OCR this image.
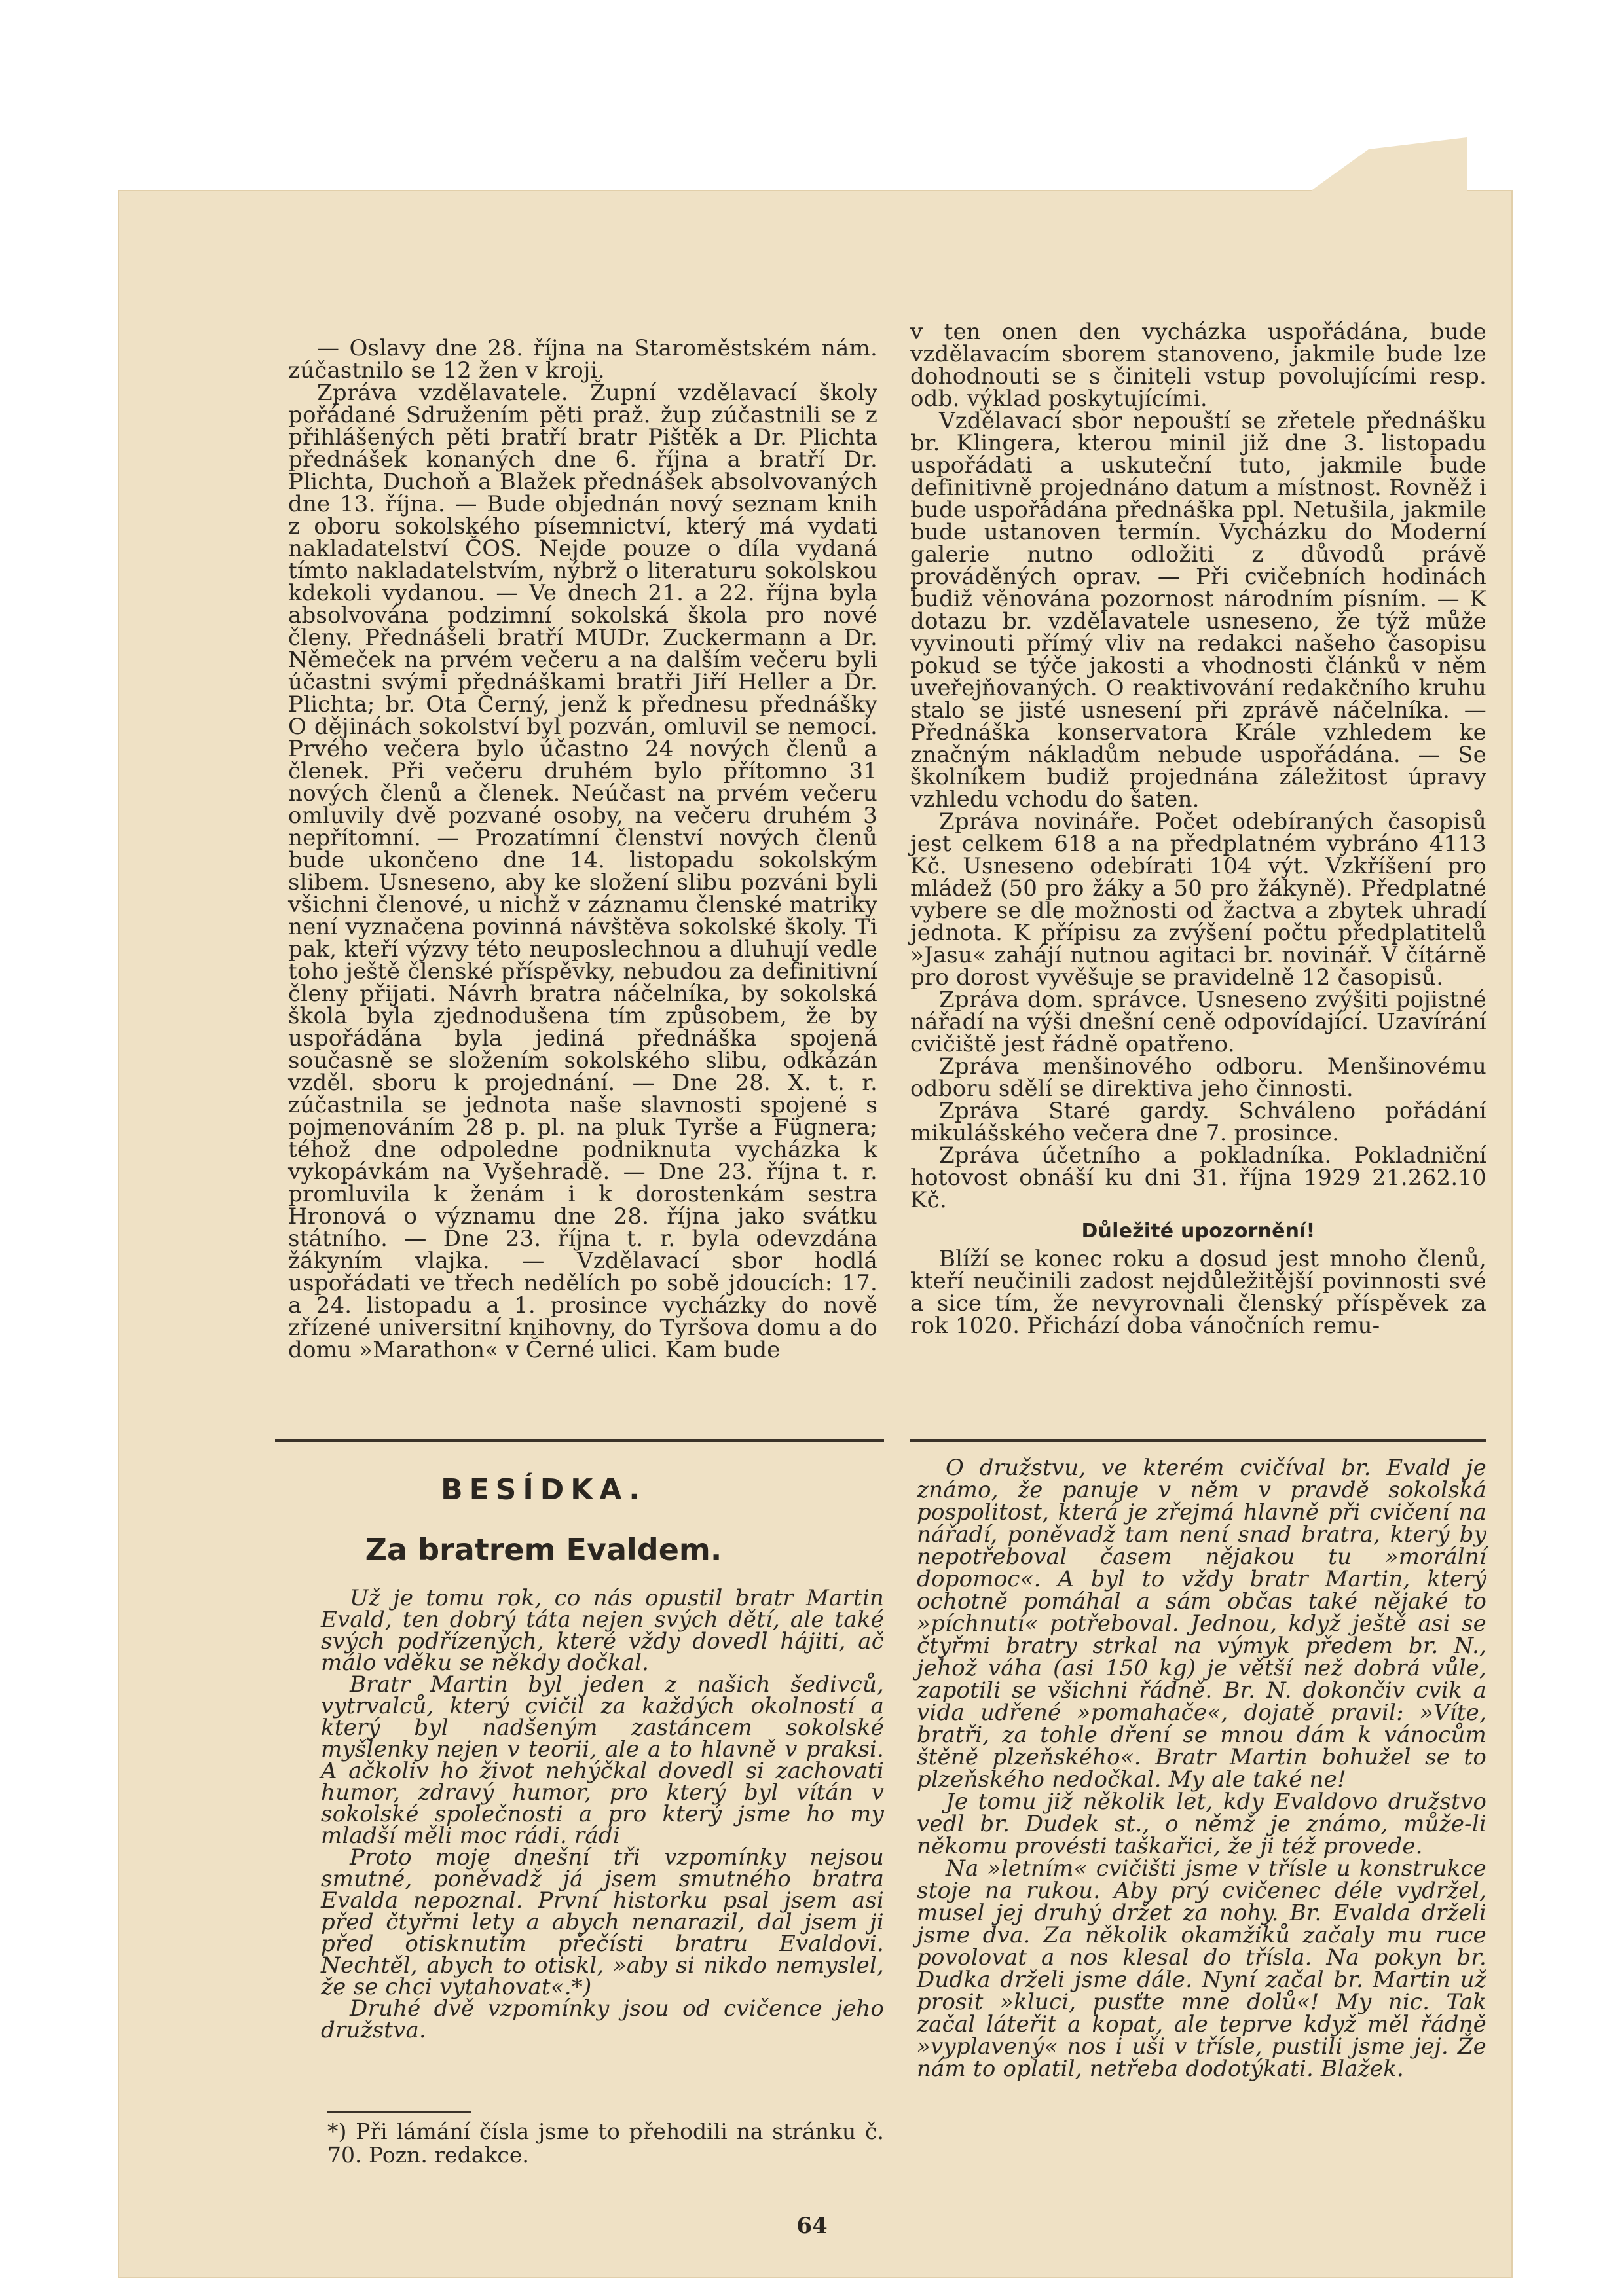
— Oslavy dne 28. října na Staroměstském nám. zúčastnilo se 12 žen v kroji.

Zpráva vzdělavatele. Župní vzdělavací školy pořádané Sdružením pěti praž. žup zúčastnili se z přihlášených pěti bratří bratr Pištěk a Dr. Plichta přednášek konaných dne 6. října a bratří Dr. Plichta, Duchoň a Blažek přednášek absolvovaných dne 13. října. — Bude objednán nový seznam knih z oboru sokolského písemnictví, který má vydati nakladatelství ČOS. Nejde pouze o díla vydaná tímto nakladatelstvím, nýbrž o literaturu sokolskou kdekoli vydanou. — Ve dnech 21. a 22. října byla absolvována podzimní sokolská škola pro nové členy. Přednášeli bratří MUDr. Zuckermann a Dr. Němeček na prvém večeru a na dalším večeru byli účastni svými přednáškami bratři Jiří Heller a Dr. Plichta; br. Ota Černý, jenž k přednesu přednášky O dějinách sokolství byl pozván, omluvil se nemocí. Prvého večera bylo účastno 24 nových členů a členek. Při večeru druhém bylo přítomno 31 nových členů a členek. Neúčast na prvém večeru omluvily dvě pozvané osoby, na večeru druhém 3 nepřítomní. — Prozatímní členství nových členů bude ukončeno dne 14. listopadu sokolským slibem. Usneseno, aby ke složení slibu pozváni byli všichni členové, u nichž v záznamu členské matriky není vyznačena povinná návštěva sokolské školy. Ti pak, kteří výzvy této neuposlechnou a dluhují vedle toho ještě členské příspěvky, nebudou za definitivní členy přijati. Návrh bratra náčelníka, by sokolská škola byla zjednodušena tím způsobem, že by uspořádána byla jediná přednáška spojená současně se složením sokolského slibu, odkázán vzděl. sboru k projednání. — Dne 28. X. t. r. zúčastnila se jednota naše slavnosti spojené s pojmenováním 28 p. pl. na pluk Tyrše a Fügnera; téhož dne odpoledne podniknuta vycházka k vykopávkám na Vyšehradě. — Dne 23. října t. r. promluvila k ženám i k dorostenkám sestra Hronová o významu dne 28. října jako svátku státního. — Dne 23. října t. r. byla odevzdána žákyním vlajka. — Vzdělavací sbor hodlá uspořádati ve třech nedělích po sobě jdoucích: 17. a 24. listopadu a 1. prosince vycházky do nově zřízené universitní knihovny, do Tyršova domu a do domu »Marathon« v Černé ulici. Kam bude

v ten onen den vycházka uspořádána, bude vzdělavacím sborem stanoveno, jakmile bude lze dohodnouti se s činiteli vstup povolujícími resp. odb. výklad poskytujícími.

Vzdělavací sbor nepouští se zřetele přednášku br. Klingera, kterou minil již dne 3. listopadu uspořádati a uskuteční tuto, jakmile bude definitivně projednáno datum a místnost. Rovněž i bude uspořádána přednáška ppl. Netušila, jakmile bude ustanoven termín. Vycházku do Moderní galerie nutno odložiti z důvodů právě prováděných oprav. — Při cvičebních hodinách budiž věnována pozornost národním písním. — K dotazu br. vzdělavatele usneseno, že týž může vyvinouti přímý vliv na redakci našeho časopisu pokud se týče jakosti a vhodnosti článků v něm uveřejňovaných. O reaktivování redakčního kruhu stalo se jisté usnesení při zprávě náčelníka. — Přednáška konservatora Krále vzhledem ke značným nákladům nebude uspořádána. — Se školníkem budiž projednána záležitost úpravy vzhledu vchodu do šaten.

Zpráva novináře. Počet odebíraných časopisů jest celkem 618 a na předplatném vybráno 4113 Kč. Usneseno odebírati 104 výt. Vzkříšení pro mládež (50 pro žáky a 50 pro žákyně). Předplatné vybere se dle možnosti od žactva a zbytek uhradí jednota. K přípisu za zvýšení počtu předplatitelů »Jasu« zahájí nutnou agitaci br. novinář. V čítárně pro dorost vyvěšuje se pravidelně 12 časopisů.

Zpráva dom. správce. Usneseno zvýšiti pojistné nářadí na výši dnešní ceně odpovídající. Uzavírání cvičiště jest řádně opatřeno.

Zpráva menšinového odboru. Menšinovému odboru sdělí se direktiva jeho činnosti.

Zpráva Staré gardy. Schváleno pořádání mikulášského večera dne 7. prosince.

Zpráva účetního a pokladníka. Pokladniční hotovost obnáší ku dni 31. října 1929 21.262.10 Kč.

Důležité upozornění!

Blíží se konec roku a dosud jest mnoho členů, kteří neučinili zadost nejdůležitější povinnosti své a sice tím, že nevyrovnali členský příspěvek za rok 1020. Přichází doba vánočních remu-

BESÍDKA.
Za bratrem Evaldem.

Už je tomu rok, co nás opustil bratr Martin Evald, ten dobrý táta nejen svých dětí, ale také svých podřízených, které vždy dovedl hájiti, ač málo vděku se někdy dočkal.

Bratr Martin byl jeden z našich šedivců, vytrvalců, který cvičil za každých okolností a který byl nadšeným zastáncem sokolské myšlenky nejen v teorii, ale a to hlavně v praksi. A ačkoliv ho život nehýčkal dovedl si zachovati humor, zdravý humor, pro který byl vítán v sokolské společnosti a pro který jsme ho my mladší měli moc rádi. rádi

Proto moje dnešní tři vzpomínky nejsou smutné, poněvadž já jsem smutného bratra Evalda nepoznal. První historku psal jsem asi před čtyřmi lety a abych nenarazil, dal jsem ji před otisknutím přečísti bratru Evaldovi. Nechtěl, abych to otiskl, »aby si nikdo nemyslel, že se chci vytahovat«.*)

Druhé dvě vzpomínky jsou od cvičence jeho družstva.

*) Při lámání čísla jsme to přehodili na stránku č. 70. Pozn. redakce.

O družstvu, ve kterém cvičíval br. Evald je známo, že panuje v něm v pravdě sokolská pospolitost, která je zřejmá hlavně při cvičení na nářadí, poněvadž tam není snad bratra, který by nepotřeboval časem nějakou tu »morální dopomoc«. A byl to vždy bratr Martin, který ochotně pomáhal a sám občas také nějaké to »píchnutí« potřeboval. Jednou, když ještě asi se čtyřmi bratry strkal na výmyk předem br. N., jehož váha (asi 150 kg) je větší než dobrá vůle, zapotili se všichni řádně. Br. N. dokončiv cvik a vida udřené »pomahače«, dojatě pravil: »Víte, bratři, za tohle dření se mnou dám k vánocům štěně plzeňského«. Bratr Martin bohužel se to plzeňského nedočkal. My ale také ne!

Je tomu již několik let, kdy Evaldovo družstvo vedl br. Dudek st., o němž je známo, může-li někomu provésti taškařici, že ji též provede.

Na »letním« cvičišti jsme v třísle u konstrukce stoje na rukou. Aby prý cvičenec déle vydržel, musel jej druhý držet za nohy. Br. Evalda drželi jsme dva. Za několik okamžiků začaly mu ruce povolovat a nos klesal do třísla. Na pokyn br. Dudka drželi jsme dále. Nyní začal br. Martin už prosit »kluci, pusťte mne dolů«! My nic. Tak začal láteřit a kopat, ale teprve když měl řádně »vyplavený« nos i uši v třísle, pustili jsme jej. Že nám to oplatil, netřeba dodotýkati. Blažek.

64
